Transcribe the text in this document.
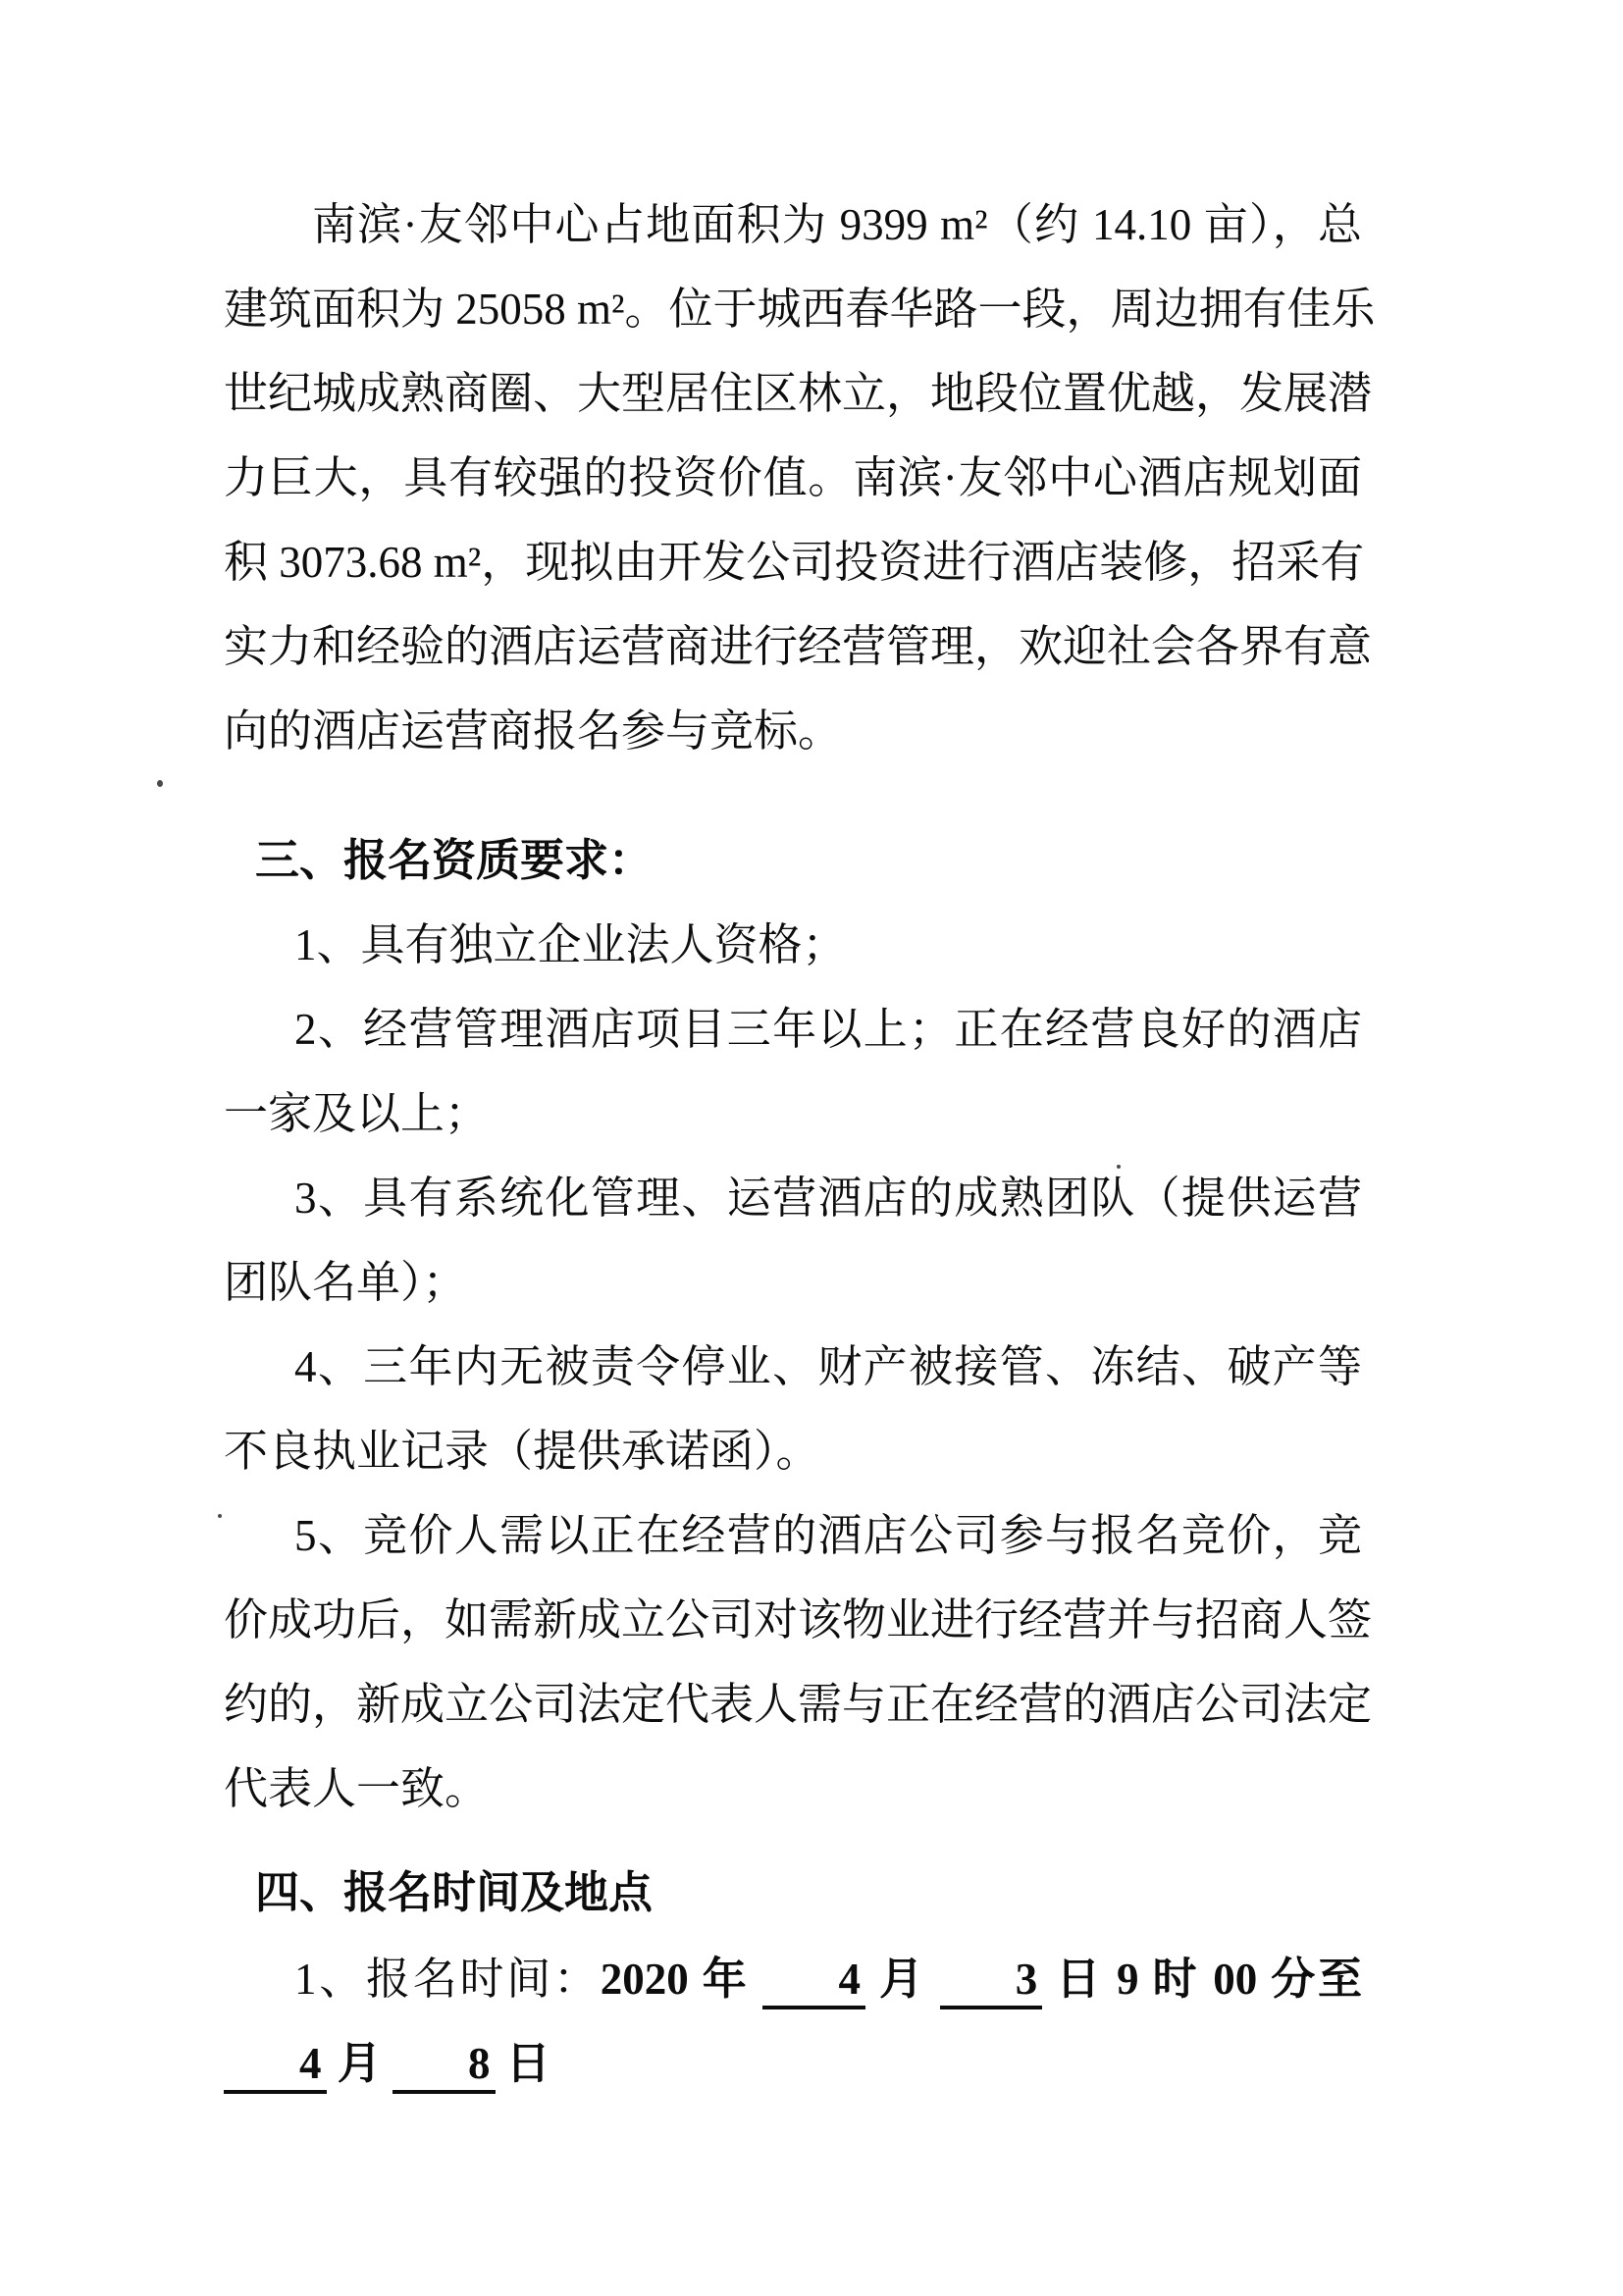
南滨·友邻中心占地面积为 9399 m²（约 14.10 亩），总
建筑面积为 25058 m²。位于城西春华路一段，周边拥有佳乐
世纪城成熟商圈、大型居住区林立，地段位置优越，发展潜
力巨大，具有较强的投资价值。南滨·友邻中心酒店规划面
积 3073.68 m²，现拟由开发公司投资进行酒店装修，招采有
实力和经验的酒店运营商进行经营管理，欢迎社会各界有意
向的酒店运营商报名参与竞标。
三、报名资质要求：
1、具有独立企业法人资格；
2、经营管理酒店项目三年以上；正在经营良好的酒店
一家及以上；
3、具有系统化管理、运营酒店的成熟团队（提供运营
团队名单）；
4、三年内无被责令停业、财产被接管、冻结、破产等
不良执业记录（提供承诺函）。
5、竞价人需以正在经营的酒店公司参与报名竞价，竞
价成功后，如需新成立公司对该物业进行经营并与招商人签
约的，新成立公司法定代表人需与正在经营的酒店公司法定
代表人一致。
四、报名时间及地点
1、报名时间：2020 年 4 月 3 日 9 时 00 分至 4 月 8 日
